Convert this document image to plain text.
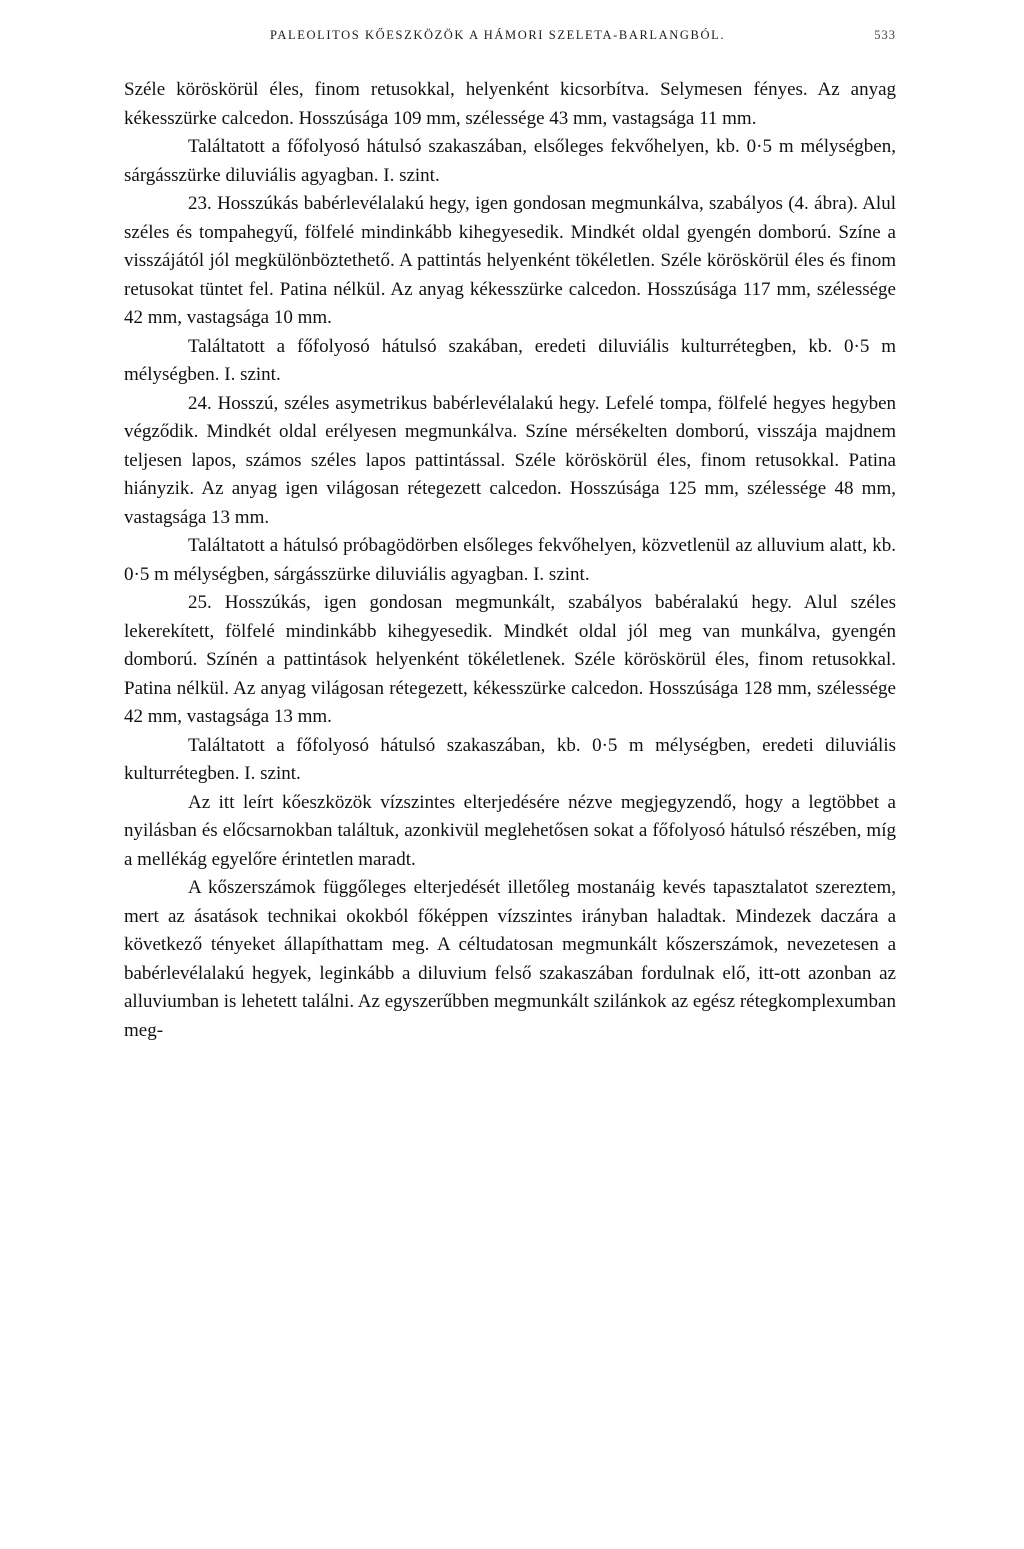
PALEOLITOS KŐESZKÖZÖK A HÁMORI SZELETA-BARLANGBÓL.	533

Széle köröskörül éles, finom retusokkal, helyenként kicsorbítva. Selymesen fényes. Az anyag kékesszürke calcedon. Hosszúsága 109 mm, szélessége 43 mm, vastagsága 11 mm.

Találtatott a főfolyosó hátulsó szakaszában, elsőleges fekvőhelyen, kb. 0·5 m mélységben, sárgásszürke diluviális agyagban. I. szint.

23. Hosszúkás babérlevélalakú hegy, igen gondosan megmunkálva, szabályos (4. ábra). Alul széles és tompahegyű, fölfelé mindinkább kihegyesedik. Mindkét oldal gyengén domború. Színe a visszájától jól megkülönböztethető. A pattintás helyenként tökéletlen. Széle köröskörül éles és finom retusokat tüntet fel. Patina nélkül. Az anyag kékesszürke calcedon. Hosszúsága 117 mm, szélessége 42 mm, vastagsága 10 mm.

Találtatott a főfolyosó hátulsó szakában, eredeti diluviális kulturrétegben, kb. 0·5 m mélységben. I. szint.

24. Hosszú, széles asymetrikus babérlevélalakú hegy. Lefelé tompa, fölfelé hegyes hegyben végződik. Mindkét oldal erélyesen megmunkálva. Színe mérsékelten domború, visszája majdnem teljesen lapos, számos széles lapos pattintással. Széle köröskörül éles, finom retusokkal. Patina hiányzik. Az anyag igen világosan rétegezett calcedon. Hosszúsága 125 mm, szélessége 48 mm, vastagsága 13 mm.

Találtatott a hátulsó próbagödörben elsőleges fekvőhelyen, közvetlenül az alluvium alatt, kb. 0·5 m mélységben, sárgásszürke diluviális agyagban. I. szint.

25. Hosszúkás, igen gondosan megmunkált, szabályos babéralakú hegy. Alul széles lekerekített, fölfelé mindinkább kihegyesedik. Mindkét oldal jól meg van munkálva, gyengén domború. Színén a pattintások helyenként tökéletlenek. Széle köröskörül éles, finom retusokkal. Patina nélkül. Az anyag világosan rétegezett, kékesszürke calcedon. Hosszúsága 128 mm, szélessége 42 mm, vastagsága 13 mm.

Találtatott a főfolyosó hátulsó szakaszában, kb. 0·5 m mélységben, eredeti diluviális kulturrétegben. I. szint.

Az itt leírt kőeszközök vízszintes elterjedésére nézve megjegyzendő, hogy a legtöbbet a nyilásban és előcsarnokban találtuk, azonkivül meglehetősen sokat a főfolyosó hátulsó részében, míg a mellékág egyelőre érintetlen maradt.

A kőszerszámok függőleges elterjedését illetőleg mostanáig kevés tapasztalatot szereztem, mert az ásatások technikai okokból főképpen vízszintes irányban haladtak. Mindezek daczára a következő tényeket állapíthattam meg. A céltudatosan megmunkált kőszerszámok, nevezetesen a babérlevélalakú hegyek, leginkább a diluvium felső szakaszában fordulnak elő, itt-ott azonban az alluviumban is lehetett találni. Az egyszerűbben megmunkált szilánkok az egész rétegkomplexumban meg-
